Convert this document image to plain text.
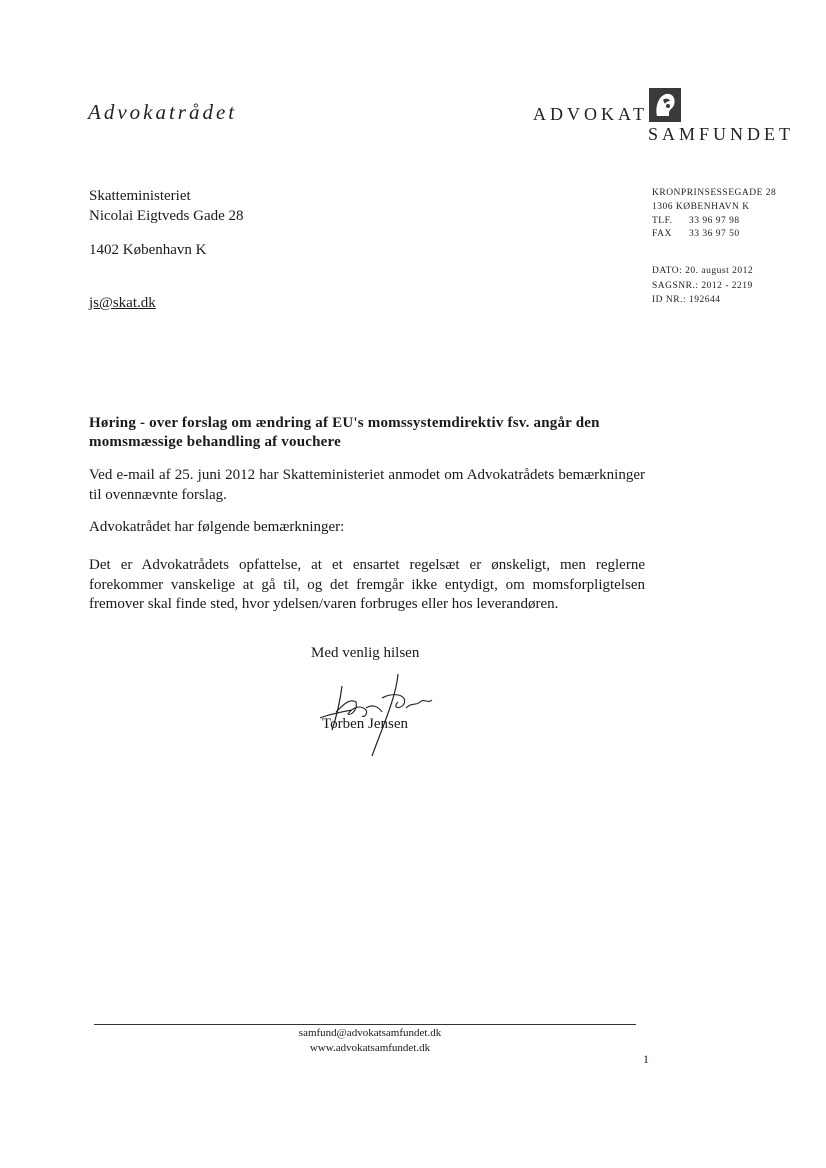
Advokatrådet	ADVOKAT
SAMFUNDET
Skatteministeriet
Nicolai Eigtveds Gade 28
1402 København K
js@skat.dk
KRONPRINSESSEGADE 28
1306 KØBENHAVN K
TLF. 33 96 97 98
FAX 33 36 97 50
DATO: 20. august 2012
SAGSNR.: 2012 - 2219
ID NR.: 192644
Høring - over forslag om ændring af EU's momssystemdirektiv fsv. angår den momsmæssige behandling af vouchere
Ved e-mail af 25. juni 2012 har Skatteministeriet anmodet om Advokatrådets bemærkninger til ovennævnte forslag.
Advokatrådet har følgende bemærkninger:
Det er Advokatrådets opfattelse, at et ensartet regelsæt er ønskeligt, men reglerne forekommer vanskelige at gå til, og det fremgår ikke entydigt, om momsforpligtelsen fremover skal finde sted, hvor ydelsen/varen forbruges eller hos leverandøren.
Med venlig hilsen
Torben Jensen
samfund@advokatsamfundet.dk
www.advokatsamfundet.dk
1
